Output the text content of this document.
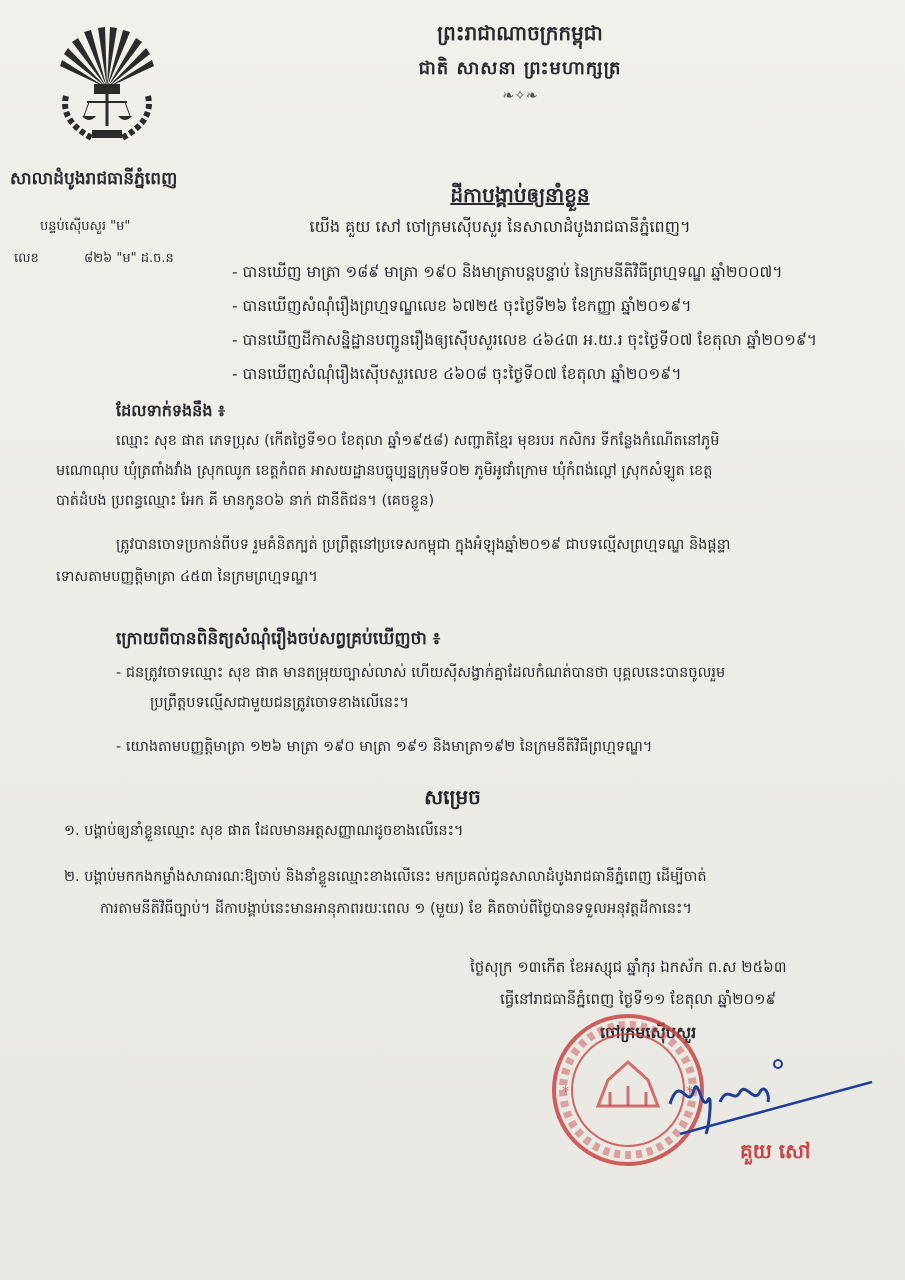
សាលាដំបូងរាជធានីភ្នំពេញ
បន្ទប់ស៊ើបសួរ "ម"
លេខ	៨២៦ "ម" ដ.ច.ន
ព្រះរាជាណាចក្រកម្ពុជា
ជាតិ សាសនា ព្រះមហាក្សត្រ
❧✧❧
ដីកាបង្គាប់ឲ្យនាំខ្លួន
យើង គួយ សៅ ចៅក្រមស៊ើបសួរ នៃសាលាដំបូងរាជធានីភ្នំពេញ។
- បានឃើញ មាត្រា ១៨៩ មាត្រា ១៩០ និងមាត្រាបន្តបន្ទាប់ នៃក្រមនីតិវិធីព្រហ្មទណ្ឌ ឆ្នាំ២០០៧។
- បានឃើញសំណុំរឿងព្រហ្មទណ្ឌលេខ ៦៧២៥ ចុះថ្ងៃទី២៦ ខែកញ្ញា ឆ្នាំ២០១៩។
- បានឃើញដីកាសន្និដ្ឋានបញ្ជូនរឿងឲ្យស៊ើបសួរលេខ ៤៦៤៣ អ.យ.រ ចុះថ្ងៃទី០៧ ខែតុលា ឆ្នាំ២០១៩។
- បានឃើញសំណុំរឿងស៊ើបសួរលេខ ៤៦០៨ ចុះថ្ងៃទី០៧ ខែតុលា ឆ្នាំ២០១៩។
ដែលទាក់ទងនឹង ៖
ឈ្មោះ សុខ ផាត ភេទប្រុស (កើតថ្ងៃទី១០ ខែតុលា ឆ្នាំ១៩៥៨) សញ្ជាតិខ្មែរ មុខរបរ កសិករ ទីកន្លែងកំណើតនៅភូមិ
មណោណុប ឃុំត្រពាំងវាំង ស្រុកឈូក ខេត្តកំពត អាសយដ្ឋានបច្ចុប្បន្នក្រុមទី០២ ភូមិអូជាំក្រោម ឃុំកំពង់ល្ពៅ ស្រុកសំឡូត ខេត្ត
បាត់ដំបង ប្រពន្ធឈ្មោះ អែក គី មានកូន០៦ នាក់ ជានីតិជន។ (គេចខ្លួន)
ត្រូវបានចោទប្រកាន់ពីបទ រួមគំនិតក្បត់ ប្រព្រឹត្តនៅប្រទេសកម្ពុជា ក្នុងអំឡុងឆ្នាំ២០១៩ ជាបទល្មើសព្រហ្មទណ្ឌ និងផ្តន្ទា
ទោសតាមបញ្ញត្តិមាត្រា ៤៥៣ នៃក្រមព្រហ្មទណ្ឌ។
ក្រោយពីបានពិនិត្យសំណុំរឿងចប់សព្វគ្រប់ឃើញថា ៖
- ជនត្រូវចោទឈ្មោះ សុខ ផាត មានតម្រុយច្បាស់លាស់ ហើយស៊ីសង្វាក់គ្នាដែលកំណត់បានថា បុគ្គលនេះបានចូលរួម
ប្រព្រឹត្តបទល្មើសជាមួយជនត្រូវចោទខាងលើនេះ។
- យោងតាមបញ្ញត្តិមាត្រា ១២៦ មាត្រា ១៩០ មាត្រា ១៩១ និងមាត្រា១៩២ នៃក្រមនីតិវិធីព្រហ្មទណ្ឌ។
សម្រេច
១. បង្គាប់ឲ្យនាំខ្លួនឈ្មោះ សុខ ផាត ដែលមានអត្តសញ្ញាណដូចខាងលើនេះ។
២. បង្គាប់មកកងកម្លាំងសាធារណៈឱ្យចាប់ និងនាំខ្លួនឈ្មោះខាងលើនេះ មកប្រគល់ជូនសាលាដំបូងរាជធានីភ្នំពេញ ដើម្បីចាត់
ការតាមនីតិវិធីច្បាប់។ ដីកាបង្គាប់នេះមានអានុភាពរយៈពេល ១ (មួយ) ខែ គិតចាប់ពីថ្ងៃបានទទួលអនុវត្តដីកានេះ។
ថ្ងៃសុក្រ ១៣កើត ខែអស្សុជ ឆ្នាំកុរ ឯកស័ក ព.ស ២៥៦៣
ធ្វើនៅរាជធានីភ្នំពេញ ថ្ងៃទី១១ ខែតុលា ឆ្នាំ២០១៩
ចៅក្រមស៊ើបសួរ
*	*
គួយ សៅ
